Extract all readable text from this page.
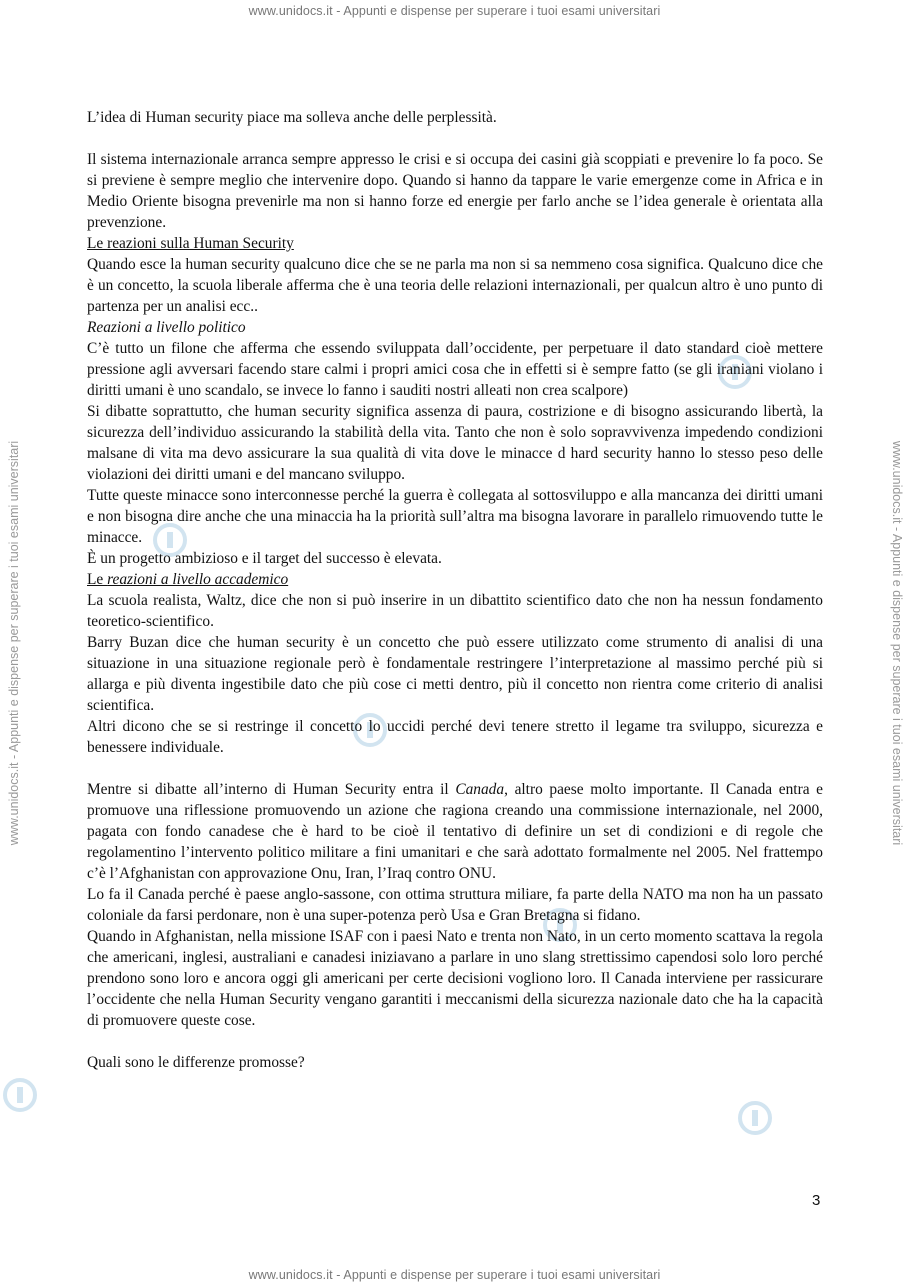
www.unidocs.it - Appunti e dispense per superare i tuoi esami universitari
www.unidocs.it - Appunti e dispense per superare i tuoi esami universitari
www.unidocs.it - Appunti e dispense per superare i tuoi esami universitari	www.unidocs.it - Appunti e dispense per superare i tuoi esami universitari

L’idea di Human security piace ma solleva anche delle perplessità.

Il sistema internazionale arranca sempre appresso le crisi e si occupa dei casini già scoppiati e prevenire lo fa poco. Se si previene è sempre meglio che intervenire dopo. Quando si hanno da tappare le varie emergenze come in Africa e in Medio Oriente bisogna prevenirle ma non si hanno forze ed energie per farlo anche se l’idea generale è orientata alla prevenzione.

Le reazioni sulla Human Security

Quando esce la human security qualcuno dice che se ne parla ma non si sa nemmeno cosa significa. Qualcuno dice che è un concetto, la scuola liberale afferma che è una teoria delle relazioni internazionali, per qualcun altro è uno punto di partenza per un analisi ecc..

Reazioni a livello politico

C’è tutto un filone che afferma che essendo sviluppata dall’occidente, per perpetuare il dato standard cioè mettere pressione agli avversari facendo stare calmi i propri amici cosa che in effetti si è sempre fatto (se gli iraniani violano i diritti umani è uno scandalo, se invece lo fanno i sauditi nostri alleati non crea scalpore)

Si dibatte soprattutto, che human security significa assenza di paura, costrizione e di bisogno assicurando libertà, la sicurezza dell’individuo assicurando la stabilità della vita. Tanto che non è solo sopravvivenza impedendo condizioni malsane di vita ma devo assicurare la sua qualità di vita dove le minacce d hard security hanno lo stesso peso delle violazioni dei diritti umani e del mancano sviluppo.

Tutte queste minacce sono interconnesse perché la guerra è collegata al sottosviluppo e alla mancanza dei diritti umani e non bisogna dire anche che una minaccia ha la priorità sull’altra ma bisogna lavorare in parallelo rimuovendo tutte le minacce.

È un progetto ambizioso e il target del successo è elevata.

Le reazioni a livello accademico

La scuola realista, Waltz, dice che non si può inserire in un dibattito scientifico dato che non ha nessun fondamento teoretico-scientifico.

Barry Buzan dice che human security è un concetto che può essere utilizzato come strumento di analisi di una situazione in una situazione regionale però è fondamentale restringere l’interpretazione al massimo perché più si allarga e più diventa ingestibile dato che più cose ci metti dentro, più il concetto non rientra come criterio di analisi scientifica.

Altri dicono che se si restringe il concetto lo uccidi perché devi tenere stretto il legame tra sviluppo, sicurezza e benessere individuale.

Mentre si dibatte all’interno di Human Security entra il Canada, altro paese molto importante. Il Canada entra e promuove una riflessione promuovendo un azione che ragiona creando una commissione internazionale, nel 2000, pagata con fondo canadese che è hard to be cioè il tentativo di definire un set di condizioni e di regole che regolamentino l’intervento politico militare a fini umanitari e che sarà adottato formalmente nel 2005. Nel frattempo c’è l’Afghanistan con approvazione Onu, Iran, l’Iraq contro ONU.

Lo fa il Canada perché è paese anglo-sassone, con ottima struttura miliare, fa parte della NATO ma non ha un passato coloniale da farsi perdonare, non è una super-potenza però Usa e Gran Bretagna si fidano.

Quando in Afghanistan, nella missione ISAF con i paesi Nato e trenta non Nato, in un certo momento scattava la regola che americani, inglesi, australiani e canadesi iniziavano a parlare in uno slang strettissimo capendosi solo loro perché prendono sono loro e ancora oggi gli americani per certe decisioni vogliono loro. Il Canada interviene per rassicurare l’occidente che nella Human Security vengano garantiti i meccanismi della sicurezza nazionale dato che ha la capacità di promuovere queste cose.

Quali sono le differenze promosse?

3
